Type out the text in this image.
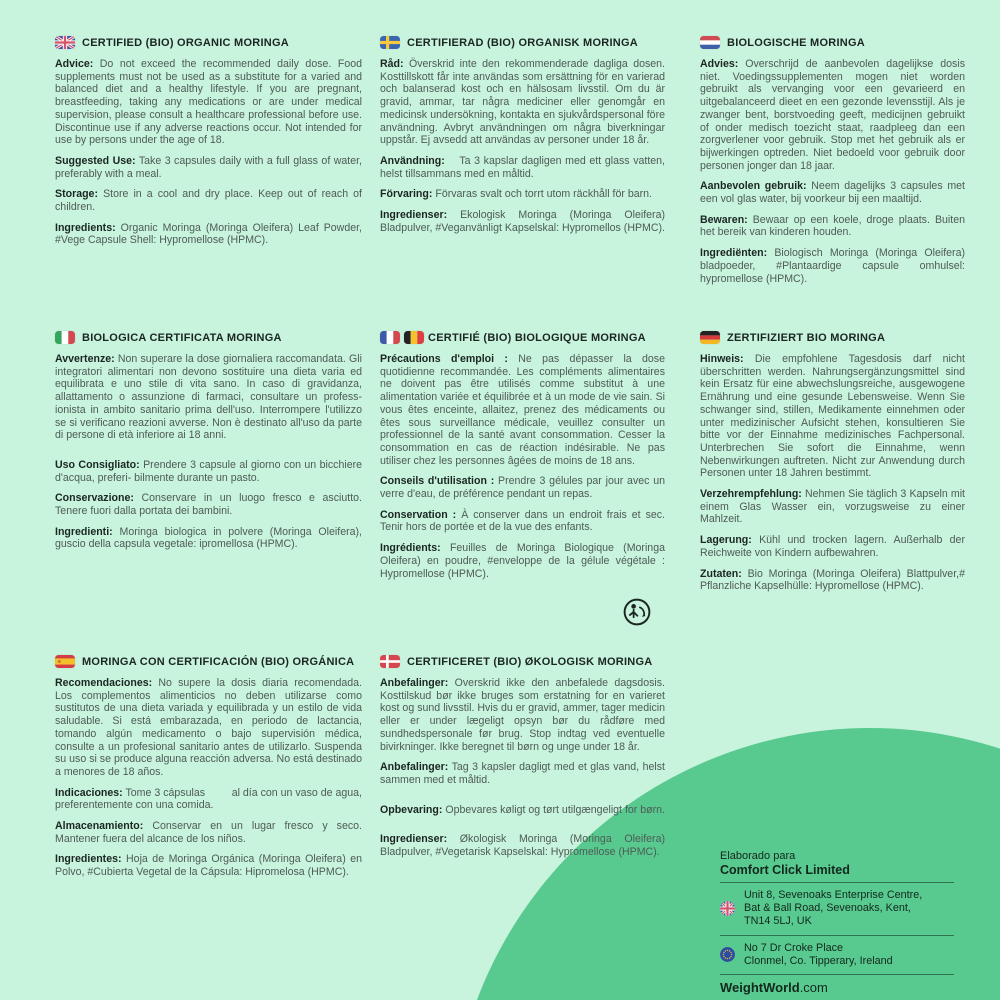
CERTIFIED (BIO) ORGANIC MORINGA

Advice: Do not exceed the recommended daily dose. Food supplements must not be used as a substitute for a varied and balanced diet and a healthy lifestyle. If you are pregnant, breastfeeding, taking any medications or are under medical supervision, please consult a healthcare professional before use. Discontinue use if any adverse reactions occur. Not intended for use by persons under the age of 18.

Suggested Use: Take 3 capsules daily with a full glass of water, preferably with a meal.

Storage: Store in a cool and dry place. Keep out of reach of children.

Ingredients: Organic Moringa (Moringa Oleifera) Leaf Powder, #Vege Capsule Shell: Hypromellose (HPMC).

CERTIFIERAD (BIO) ORGANISK MORINGA

Råd: Överskrid inte den rekommenderade dagliga dosen. Kosttillskott får inte användas som ersättning för en varierad och balanserad kost och en hälsosam livsstil. Om du är gravid, ammar, tar några mediciner eller genomgår en medicinsk undersökning, kontakta en sjukvårdspersonal före användning. Avbryt användningen om några biverkningar uppstår. Ej avsedd att användas av personer under 18 år.

Användning:    Ta 3 kapslar dagligen med ett glass vatten, helst tillsammans med en måltid.

Förvaring: Förvaras svalt och torrt utom räckhåll för barn.

Ingredienser: Ekologisk Moringa (Moringa Oleifera) Bladpulver, #Veganvänligt Kapselskal: Hypromellos (HPMC).

BIOLOGISCHE MORINGA

Advies: Overschrijd de aanbevolen dagelijkse dosis niet. Voedingssupplementen mogen niet worden gebruikt als vervanging voor een gevarieerd en uitgebalanceerd dieet en een gezonde levensstijl. Als je zwanger bent, borstvoeding geeft, medicijnen gebruikt of onder medisch toezicht staat, raadpleeg dan een zorgverlener voor gebruik. Stop met het gebruik als er bijwerkingen optreden. Niet bedoeld voor gebruik door personen jonger dan 18 jaar.

Aanbevolen gebruik: Neem dagelijks 3 capsules met een vol glas water, bij voorkeur bij een maaltijd.

Bewaren: Bewaar op een koele, droge plaats. Buiten het bereik van kinderen houden.

Ingrediënten: Biologisch Moringa (Moringa Oleifera) bladpoeder, #Plantaardige capsule omhulsel: hypromellose (HPMC).

BIOLOGICA CERTIFICATA MORINGA

Avvertenze: Non superare la dose giornaliera raccomandata. Gli integratori alimentari non devono sostituire una dieta varia ed equilibrata e uno stile di vita sano. In caso di gravidanza, allattamento o assunzione di farmaci, consultare un profess- ionista in ambito sanitario prima dell'uso. Interrompere l'utilizzo se si verificano reazioni avverse. Non è destinato all'uso da parte di persone di età inferiore ai 18 anni.

Uso Consigliato: Prendere 3 capsule al giorno con un bicchiere d'acqua, preferi- bilmente durante un pasto.

Conservazione: Conservare in un luogo fresco e asciutto. Tenere fuori dalla portata dei bambini.

Ingredienti: Moringa biologica in polvere (Moringa Oleifera), guscio della capsula vegetale: ipromellosa (HPMC).

CERTIFIÉ (BIO) BIOLOGIQUE MORINGA

Précautions d'emploi : Ne pas dépasser la dose quotidienne recommandée. Les compléments alimentaires ne doivent pas être utilisés comme substitut à une alimentation variée et équilibrée et à un mode de vie sain. Si vous êtes enceinte, allaitez, prenez des médicaments ou êtes sous surveillance médicale, veuillez consulter un professionnel de la santé avant consommation. Cesser la consommation en cas de réaction indésirable. Ne pas utiliser chez les personnes âgées de moins de 18 ans.

Conseils d'utilisation : Prendre 3 gélules par jour avec un verre d'eau, de préférence pendant un repas.

Conservation : À conserver dans un endroit frais et sec. Tenir hors de portée et de la vue des enfants.

Ingrédients: Feuilles de Moringa Biologique (Moringa Oleifera) en poudre, #enveloppe de la gélule végétale : Hypromellose (HPMC).

ZERTIFIZIERT BIO MORINGA

Hinweis: Die empfohlene Tagesdosis darf nicht überschritten werden. Nahrungsergänzungsmittel sind kein Ersatz für eine abwechslungsreiche, ausgewogene Ernährung und eine gesunde Lebensweise. Wenn Sie schwanger sind, stillen, Medikamente einnehmen oder unter medizinischer Aufsicht stehen, konsultieren Sie bitte vor der Einnahme medizinisches Fachpersonal. Unterbrechen Sie sofort die Einnahme, wenn Nebenwirkungen auftreten. Nicht zur Anwendung durch Personen unter 18 Jahren bestimmt.

Verzehrempfehlung: Nehmen Sie täglich 3 Kapseln mit einem Glas Wasser ein, vorzugsweise zu einer Mahlzeit.

Lagerung: Kühl und trocken lagern. Außerhalb der Reichweite von Kindern aufbewahren.

Zutaten: Bio Moringa (Moringa Oleifera) Blattpulver,# Pflanzliche Kapselhülle: Hypromellose (HPMC).

MORINGA CON CERTIFICACIÓN (BIO) ORGÁNICA

Recomendaciones: No supere la dosis diaria recomendada. Los complementos alimenticios no deben utilizarse como sustitutos de una dieta variada y equilibrada y un estilo de vida saludable. Si está embarazada, en periodo de lactancia, tomando algún medicamento o bajo supervisión médica, consulte a un profesional sanitario antes de utilizarlo. Suspenda su uso si se produce alguna reacción adversa. No está destinado a menores de 18 años.

Indicaciones: Tome 3 cápsulas         al día con un vaso de agua, preferentemente con una comida.

Almacenamiento: Conservar en un lugar fresco y seco. Mantener fuera del alcance de los niños.

Ingredientes: Hoja de Moringa Orgánica (Moringa Oleifera) en Polvo, #Cubierta Vegetal de la Cápsula: Hipromelosa (HPMC).

CERTIFICERET (BIO) ØKOLOGISK MORINGA

Anbefalinger: Overskrid ikke den anbefalede dagsdosis. Kosttilskud bør ikke bruges som erstatning for en varieret kost og sund livsstil. Hvis du er gravid, ammer, tager medicin eller er under lægeligt opsyn bør du rådføre med sundhedspersonale før brug. Stop indtag ved eventuelle bivirkninger. Ikke beregnet til børn og unge under 18 år.

Anbefalinger: Tag 3 kapsler dagligt med et glas vand, helst sammen med et måltid.

Opbevaring: Opbevares køligt og tørt utilgængeligt for børn.

Ingredienser: Økologisk Moringa (Moringa Oleifera) Bladpulver, #Vegetarisk Kapselskal: Hypromellose (HPMC).	Elaborado para
Comfort Click Limited
Unit 8, Sevenoaks Enterprise Centre,
Bat & Ball Road, Sevenoaks, Kent,
TN14 5LJ, UK
No 7 Dr Croke Place
Clonmel, Co. Tipperary, Ireland
WeightWorld.com
